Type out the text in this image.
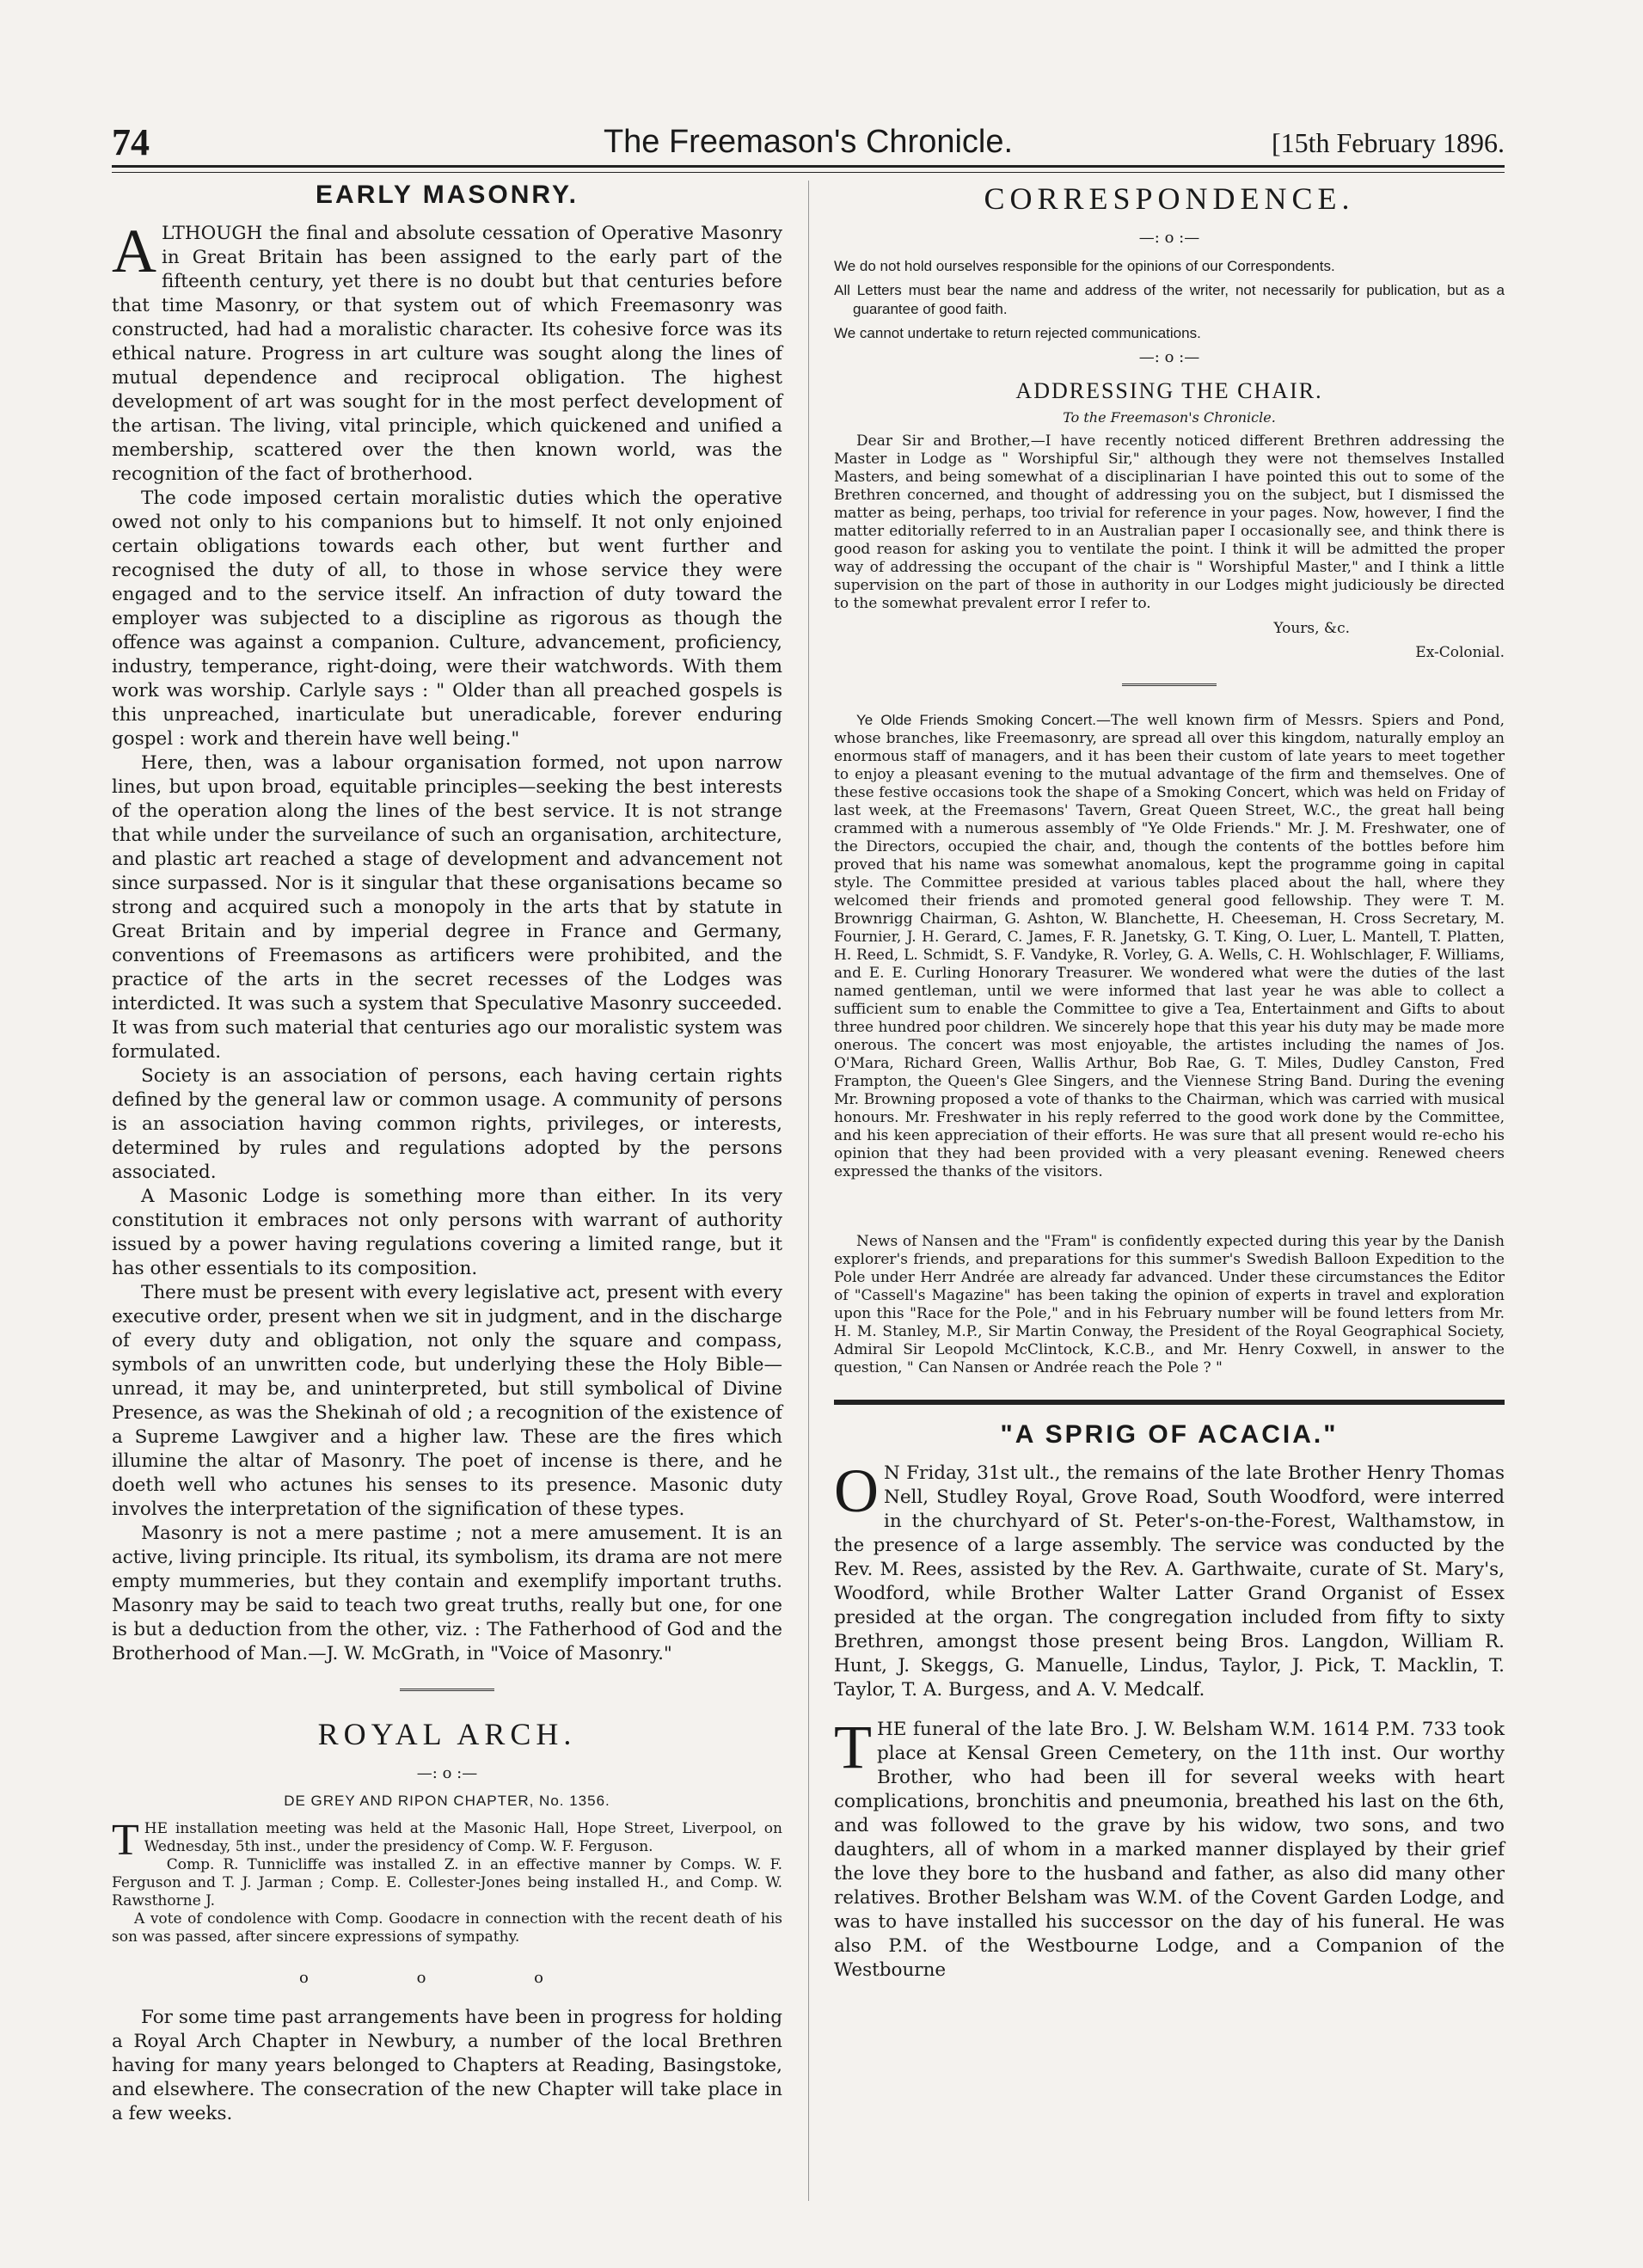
74	The Freemason's Chronicle.	[15th February 1896.
EARLY MASONRY.

ALTHOUGH the final and absolute cessation of Operative Masonry in Great Britain has been assigned to the early part of the fifteenth century, yet there is no doubt but that centuries before that time Masonry, or that system out of which Freemasonry was constructed, had had a moralistic character. Its cohesive force was its ethical nature. Progress in art culture was sought along the lines of mutual dependence and reciprocal obligation. The highest development of art was sought for in the most perfect development of the artisan. The living, vital principle, which quickened and unified a membership, scattered over the then known world, was the recognition of the fact of brotherhood.

The code imposed certain moralistic duties which the operative owed not only to his companions but to himself. It not only enjoined certain obligations towards each other, but went further and recognised the duty of all, to those in whose service they were engaged and to the service itself. An infraction of duty toward the employer was subjected to a discipline as rigorous as though the offence was against a companion. Culture, advancement, proficiency, industry, temperance, right-doing, were their watchwords. With them work was worship. Carlyle says : " Older than all preached gospels is this unpreached, inarticulate but uneradicable, forever enduring gospel : work and therein have well being."

Here, then, was a labour organisation formed, not upon narrow lines, but upon broad, equitable principles—seeking the best interests of the operation along the lines of the best service. It is not strange that while under the surveilance of such an organisation, architecture, and plastic art reached a stage of development and advancement not since surpassed. Nor is it singular that these organisations became so strong and acquired such a monopoly in the arts that by statute in Great Britain and by imperial degree in France and Germany, conventions of Freemasons as artificers were prohibited, and the practice of the arts in the secret recesses of the Lodges was interdicted. It was such a system that Speculative Masonry succeeded. It was from such material that centuries ago our moralistic system was formulated.

Society is an association of persons, each having certain rights defined by the general law or common usage. A community of persons is an association having common rights, privileges, or interests, determined by rules and regulations adopted by the persons associated.

A Masonic Lodge is something more than either. In its very constitution it embraces not only persons with warrant of authority issued by a power having regulations covering a limited range, but it has other essentials to its composition.

There must be present with every legislative act, present with every executive order, present when we sit in judgment, and in the discharge of every duty and obligation, not only the square and compass, symbols of an unwritten code, but underlying these the Holy Bible—unread, it may be, and uninterpreted, but still symbolical of Divine Presence, as was the Shekinah of old ; a recognition of the existence of a Supreme Lawgiver and a higher law. These are the fires which illumine the altar of Masonry. The poet of incense is there, and he doeth well who actunes his senses to its presence. Masonic duty involves the interpretation of the signification of these types.

Masonry is not a mere pastime ; not a mere amusement. It is an active, living principle. Its ritual, its symbolism, its drama are not mere empty mummeries, but they contain and exemplify important truths. Masonry may be said to teach two great truths, really but one, for one is but a deduction from the other, viz. : The Fatherhood of God and the Brotherhood of Man.—J. W. McGrath, in "Voice of Masonry."

ROYAL ARCH.
—: o :—
DE GREY AND RIPON CHAPTER, No. 1356.

THE installation meeting was held at the Masonic Hall, Hope Street, Liverpool, on Wednesday, 5th inst., under the presidency of Comp. W. F. Ferguson.

Comp. R. Tunnicliffe was installed Z. in an effective manner by Comps. W. F. Ferguson and T. J. Jarman ; Comp. E. Collester-Jones being installed H., and Comp. W. Rawsthorne J.

A vote of condolence with Comp. Goodacre in connection with the recent death of his son was passed, after sincere expressions of sympathy.

o o o

For some time past arrangements have been in progress for holding a Royal Arch Chapter in Newbury, a number of the local Brethren having for many years belonged to Chapters at Reading, Basingstoke, and elsewhere. The consecration of the new Chapter will take place in a few weeks.

CORRESPONDENCE.
—: o :—

We do not hold ourselves responsible for the opinions of our Correspondents.

All Letters must bear the name and address of the writer, not necessarily for publication, but as a guarantee of good faith.

We cannot undertake to return rejected communications.

—: o :—
ADDRESSING THE CHAIR.
To the Freemason's Chronicle.

Dear Sir and Brother,—I have recently noticed different Brethren addressing the Master in Lodge as " Worshipful Sir," although they were not themselves Installed Masters, and being somewhat of a disciplinarian I have pointed this out to some of the Brethren concerned, and thought of addressing you on the subject, but I dismissed the matter as being, perhaps, too trivial for reference in your pages. Now, however, I find the matter editorially referred to in an Australian paper I occasionally see, and think there is good reason for asking you to ventilate the point. I think it will be admitted the proper way of addressing the occupant of the chair is " Worshipful Master," and I think a little supervision on the part of those in authority in our Lodges might judiciously be directed to the somewhat prevalent error I refer to.

Yours, &c.
Ex-Colonial.

Ye Olde Friends Smoking Concert.—The well known firm of Messrs. Spiers and Pond, whose branches, like Freemasonry, are spread all over this kingdom, naturally employ an enormous staff of managers, and it has been their custom of late years to meet together to enjoy a pleasant evening to the mutual advantage of the firm and themselves. One of these festive occasions took the shape of a Smoking Concert, which was held on Friday of last week, at the Freemasons' Tavern, Great Queen Street, W.C., the great hall being crammed with a numerous assembly of "Ye Olde Friends." Mr. J. M. Freshwater, one of the Directors, occupied the chair, and, though the contents of the bottles before him proved that his name was somewhat anomalous, kept the programme going in capital style. The Committee presided at various tables placed about the hall, where they welcomed their friends and promoted general good fellowship. They were T. M. Brownrigg Chairman, G. Ashton, W. Blanchette, H. Cheeseman, H. Cross Secretary, M. Fournier, J. H. Gerard, C. James, F. R. Janetsky, G. T. King, O. Luer, L. Mantell, T. Platten, H. Reed, L. Schmidt, S. F. Vandyke, R. Vorley, G. A. Wells, C. H. Wohlschlager, F. Williams, and E. E. Curling Honorary Treasurer. We wondered what were the duties of the last named gentleman, until we were informed that last year he was able to collect a sufficient sum to enable the Committee to give a Tea, Entertainment and Gifts to about three hundred poor children. We sincerely hope that this year his duty may be made more onerous. The concert was most enjoyable, the artistes including the names of Jos. O'Mara, Richard Green, Wallis Arthur, Bob Rae, G. T. Miles, Dudley Canston, Fred Frampton, the Queen's Glee Singers, and the Viennese String Band. During the evening Mr. Browning proposed a vote of thanks to the Chairman, which was carried with musical honours. Mr. Freshwater in his reply referred to the good work done by the Committee, and his keen appreciation of their efforts. He was sure that all present would re-echo his opinion that they had been provided with a very pleasant evening. Renewed cheers expressed the thanks of the visitors.

News of Nansen and the "Fram" is confidently expected during this year by the Danish explorer's friends, and preparations for this summer's Swedish Balloon Expedition to the Pole under Herr Andrée are already far advanced. Under these circumstances the Editor of "Cassell's Magazine" has been taking the opinion of experts in travel and exploration upon this "Race for the Pole," and in his February number will be found letters from Mr. H. M. Stanley, M.P., Sir Martin Conway, the President of the Royal Geographical Society, Admiral Sir Leopold McClintock, K.C.B., and Mr. Henry Coxwell, in answer to the question, " Can Nansen or Andrée reach the Pole ? "

"A SPRIG OF ACACIA."

O N Friday, 31st ult., the remains of the late Brother Henry Thomas Nell, Studley Royal, Grove Road, South Woodford, were interred in the churchyard of St. Peter's-on-the-Forest, Walthamstow, in the presence of a large assembly. The service was conducted by the Rev. M. Rees, assisted by the Rev. A. Garthwaite, curate of St. Mary's, Woodford, while Brother Walter Latter Grand Organist of Essex presided at the organ. The congregation included from fifty to sixty Brethren, amongst those present being Bros. Langdon, William R. Hunt, J. Skeggs, G. Manuelle, Lindus, Taylor, J. Pick, T. Macklin, T. Taylor, T. A. Burgess, and A. V. Medcalf.

THE funeral of the late Bro. J. W. Belsham W.M. 1614 P.M. 733 took place at Kensal Green Cemetery, on the 11th inst. Our worthy Brother, who had been ill for several weeks with heart complications, bronchitis and pneumonia, breathed his last on the 6th, and was followed to the grave by his widow, two sons, and two daughters, all of whom in a marked manner displayed by their grief the love they bore to the husband and father, as also did many other relatives. Brother Belsham was W.M. of the Covent Garden Lodge, and was to have installed his successor on the day of his funeral. He was also P.M. of the Westbourne Lodge, and a Companion of the Westbourne
